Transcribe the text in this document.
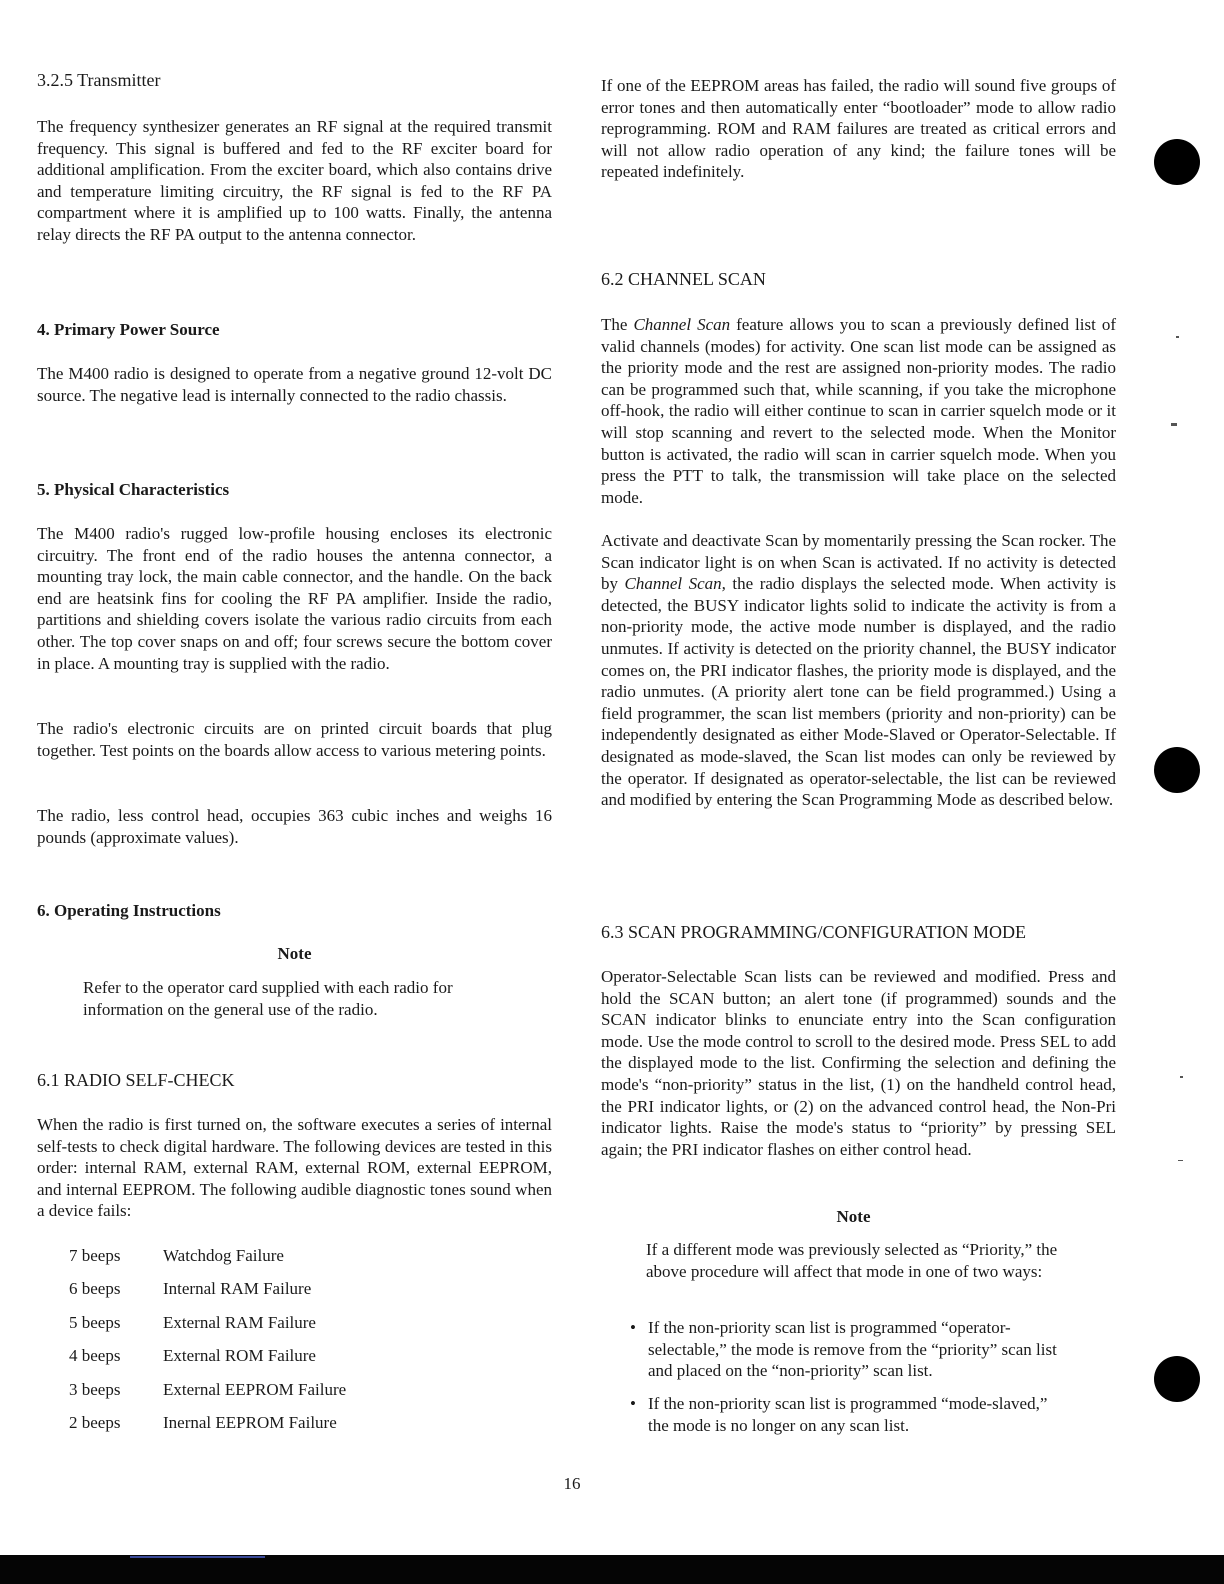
3.2.5 Transmitter

The frequency synthesizer generates an RF signal at the required transmit frequency. This signal is buffered and fed to the RF exciter board for additional amplification. From the exciter board, which also contains drive and temperature limiting circuitry, the RF signal is fed to the RF PA compartment where it is amplified up to 100 watts. Finally, the antenna relay directs the RF PA output to the antenna connector.

4. Primary Power Source

The M400 radio is designed to operate from a negative ground 12-volt DC source. The negative lead is internally connected to the radio chassis.

5. Physical Characteristics

The M400 radio's rugged low-profile housing encloses its electronic circuitry. The front end of the radio houses the antenna connector, a mounting tray lock, the main cable connector, and the handle. On the back end are heatsink fins for cooling the RF PA amplifier. Inside the radio, partitions and shielding covers isolate the various radio circuits from each other. The top cover snaps on and off; four screws secure the bottom cover in place. A mounting tray is supplied with the radio.

The radio's electronic circuits are on printed circuit boards that plug together. Test points on the boards allow access to various metering points.

The radio, less control head, occupies 363 cubic inches and weighs 16 pounds (approximate values).

6. Operating Instructions
Note

Refer to the operator card supplied with each radio for information on the general use of the radio.

6.1 RADIO SELF-CHECK

When the radio is first turned on, the software executes a series of internal self-tests to check digital hardware. The following devices are tested in this order: internal RAM, external RAM, external ROM, external EEPROM, and internal EEPROM. The following audible diagnostic tones sound when a device fails:

7 beeps	Watchdog Failure
6 beeps	Internal RAM Failure
5 beeps	External RAM Failure
4 beeps	External ROM Failure
3 beeps	External EEPROM Failure
2 beeps	Inernal EEPROM Failure

If one of the EEPROM areas has failed, the radio will sound five groups of error tones and then automatically enter “bootloader” mode to allow radio reprogramming. ROM and RAM failures are treated as critical errors and will not allow radio operation of any kind; the failure tones will be repeated indefinitely.

6.2 CHANNEL SCAN

The Channel Scan feature allows you to scan a previously defined list of valid channels (modes) for activity. One scan list mode can be assigned as the priority mode and the rest are assigned non-priority modes. The radio can be programmed such that, while scanning, if you take the microphone off-hook, the radio will either continue to scan in carrier squelch mode or it will stop scanning and revert to the selected mode. When the Monitor button is activated, the radio will scan in carrier squelch mode. When you press the PTT to talk, the transmission will take place on the selected mode.

Activate and deactivate Scan by momentarily pressing the Scan rocker. The Scan indicator light is on when Scan is activated. If no activity is detected by Channel Scan, the radio displays the selected mode. When activity is detected, the BUSY indicator lights solid to indicate the activity is from a non-priority mode, the active mode number is displayed, and the radio unmutes. If activity is detected on the priority channel, the BUSY indicator comes on, the PRI indicator flashes, the priority mode is displayed, and the radio unmutes. (A priority alert tone can be field programmed.) Using a field programmer, the scan list members (priority and non-priority) can be independently designated as either Mode-Slaved or Operator-Selectable. If designated as mode-slaved, the Scan list modes can only be reviewed by the operator. If designated as operator-selectable, the list can be reviewed and modified by entering the Scan Programming Mode as described below.

6.3 SCAN PROGRAMMING/CONFIGURATION MODE

Operator-Selectable Scan lists can be reviewed and modified. Press and hold the SCAN button; an alert tone (if programmed) sounds and the SCAN indicator blinks to enunciate entry into the Scan configuration mode. Use the mode control to scroll to the desired mode. Press SEL to add the displayed mode to the list. Confirming the selection and defining the mode's “non-priority” status in the list, (1) on the handheld control head, the PRI indicator lights, or (2) on the advanced control head, the Non-Pri indicator lights. Raise the mode's status to “priority” by pressing SEL again; the PRI indicator flashes on either control head.

Note

If a different mode was previously selected as “Priority,” the above procedure will affect that mode in one of two ways:

• If the non-priority scan list is programmed “operator-selectable,” the mode is remove from the “priority” scan list and placed on the “non-priority” scan list.
• If the non-priority scan list is programmed “mode-slaved,” the mode is no longer on any scan list.
16
